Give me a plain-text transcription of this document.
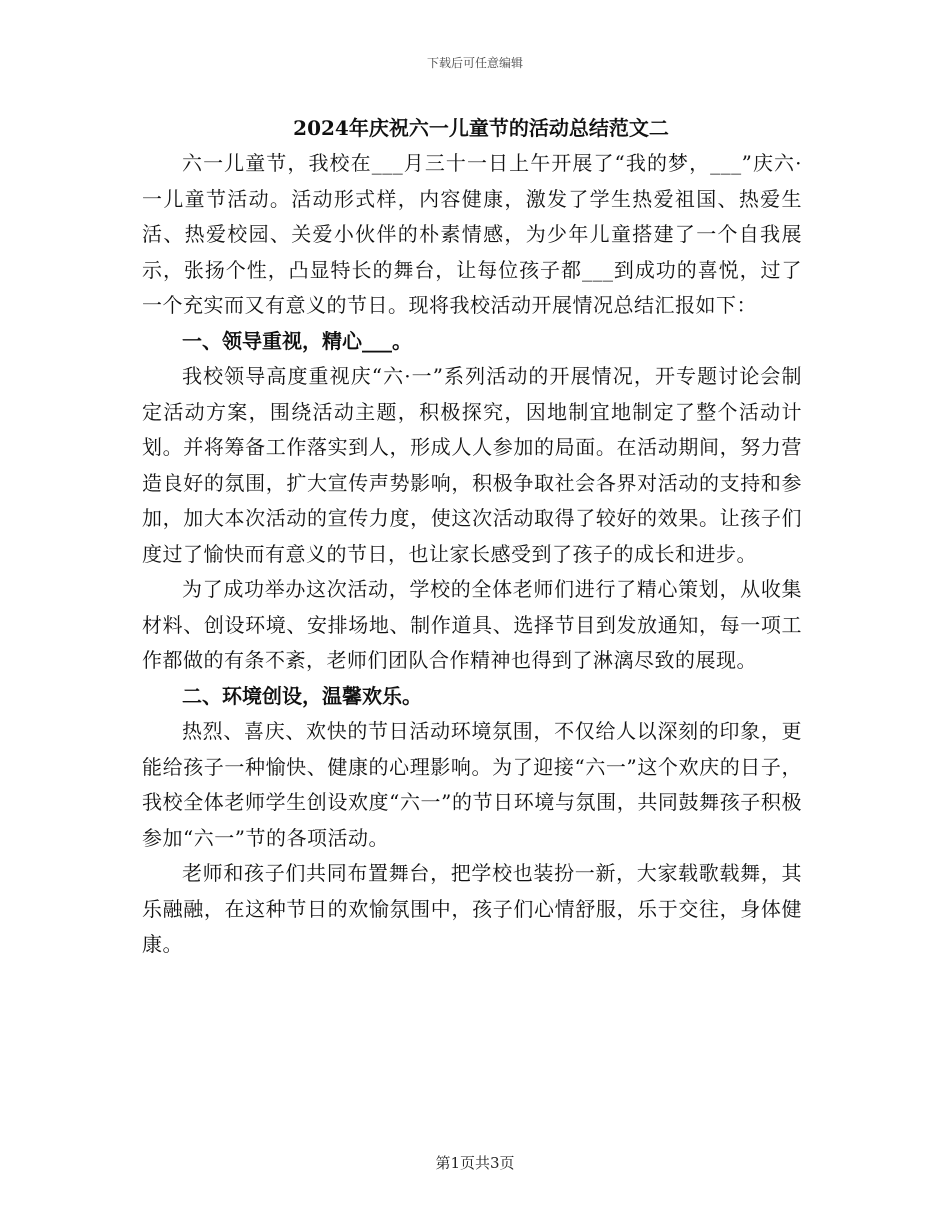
下载后可任意编辑
2024年庆祝六一儿童节的活动总结范文二

六一儿童节，我校在___月三十一日上午开展了“我的梦，___”庆六·一儿童节活动。活动形式样，内容健康，激发了学生热爱祖国、热爱生活、热爱校园、关爱小伙伴的朴素情感，为少年儿童搭建了一个自我展示，张扬个性，凸显特长的舞台，让每位孩子都___到成功的喜悦，过了一个充实而又有意义的节日。现将我校活动开展情况总结汇报如下：

一、领导重视，精心___。

我校领导高度重视庆“六·一”系列活动的开展情况，开专题讨论会制定活动方案，围绕活动主题，积极探究，因地制宜地制定了整个活动计划。并将筹备工作落实到人，形成人人参加的局面。在活动期间，努力营造良好的氛围，扩大宣传声势影响，积极争取社会各界对活动的支持和参加，加大本次活动的宣传力度，使这次活动取得了较好的效果。让孩子们度过了愉快而有意义的节日，也让家长感受到了孩子的成长和进步。

为了成功举办这次活动，学校的全体老师们进行了精心策划，从收集材料、创设环境、安排场地、制作道具、选择节目到发放通知，每一项工作都做的有条不紊，老师们团队合作精神也得到了淋漓尽致的展现。

二、环境创设，温馨欢乐。

热烈、喜庆、欢快的节日活动环境氛围，不仅给人以深刻的印象，更能给孩子一种愉快、健康的心理影响。为了迎接“六一”这个欢庆的日子，我校全体老师学生创设欢度“六一”的节日环境与氛围，共同鼓舞孩子积极参加“六一”节的各项活动。

老师和孩子们共同布置舞台，把学校也装扮一新，大家载歌载舞，其乐融融，在这种节日的欢愉氛围中，孩子们心情舒服，乐于交往，身体健康。

第1页共3页
